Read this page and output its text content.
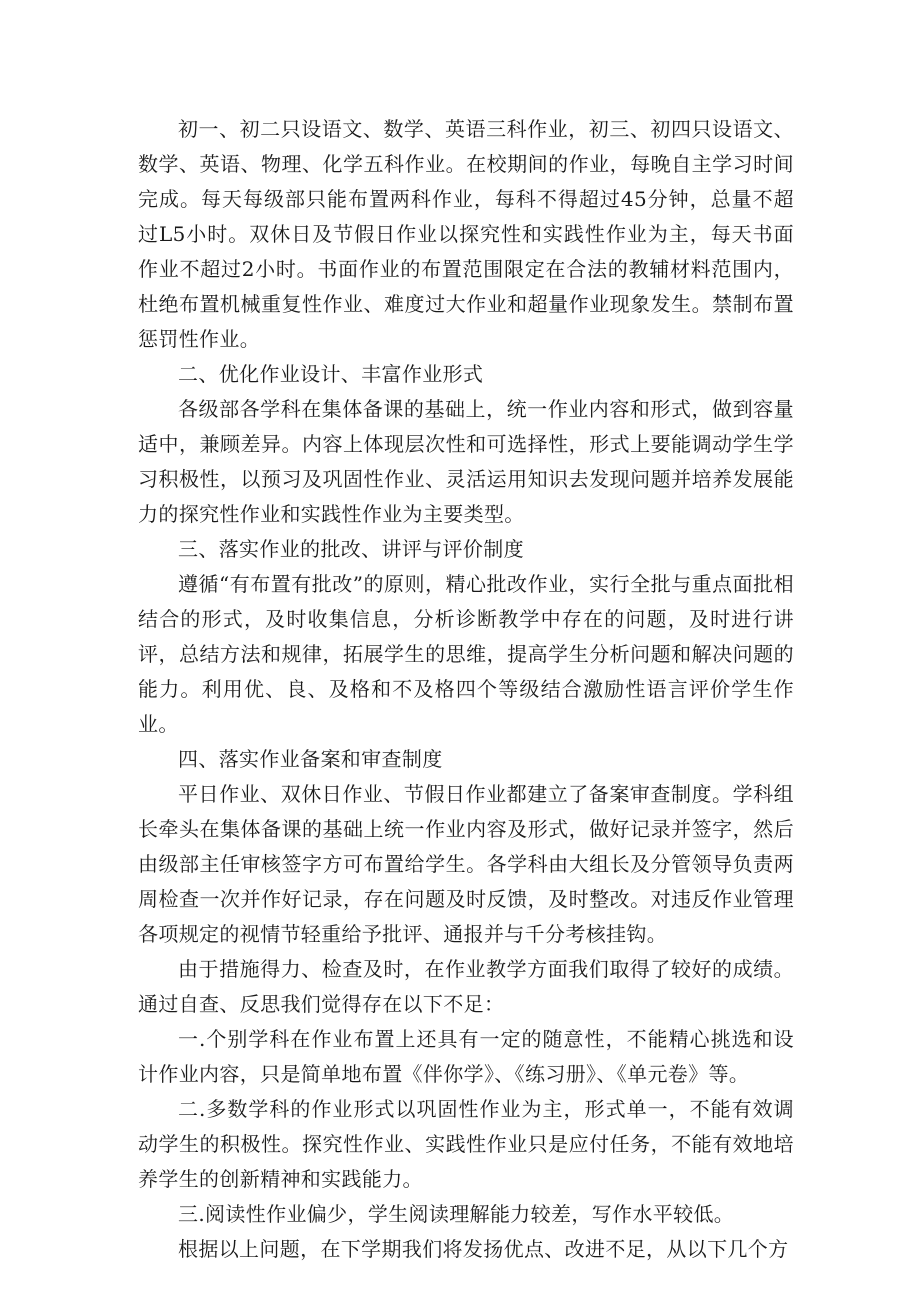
初一、初二只设语文、数学、英语三科作业，初三、初四只设语文、数学、英语、物理、化学五科作业。在校期间的作业，每晚自主学习时间完成。每天每级部只能布置两科作业，每科不得超过45分钟，总量不超过L5小时。双休日及节假日作业以探究性和实践性作业为主，每天书面作业不超过2小时。书面作业的布置范围限定在合法的教辅材料范围内，杜绝布置机械重复性作业、难度过大作业和超量作业现象发生。禁制布置惩罚性作业。

二、优化作业设计、丰富作业形式

各级部各学科在集体备课的基础上，统一作业内容和形式，做到容量适中，兼顾差异。内容上体现层次性和可选择性，形式上要能调动学生学习积极性，以预习及巩固性作业、灵活运用知识去发现问题并培养发展能力的探究性作业和实践性作业为主要类型。

三、落实作业的批改、讲评与评价制度

遵循“有布置有批改”的原则，精心批改作业，实行全批与重点面批相结合的形式，及时收集信息，分析诊断教学中存在的问题，及时进行讲评，总结方法和规律，拓展学生的思维，提高学生分析问题和解决问题的能力。利用优、良、及格和不及格四个等级结合激励性语言评价学生作业。

四、落实作业备案和审查制度

平日作业、双休日作业、节假日作业都建立了备案审查制度。学科组长牵头在集体备课的基础上统一作业内容及形式，做好记录并签字，然后由级部主任审核签字方可布置给学生。各学科由大组长及分管领导负责两周检查一次并作好记录，存在问题及时反馈，及时整改。对违反作业管理各项规定的视情节轻重给予批评、通报并与千分考核挂钩。

由于措施得力、检查及时，在作业教学方面我们取得了较好的成绩。通过自查、反思我们觉得存在以下不足：

一.个别学科在作业布置上还具有一定的随意性，不能精心挑选和设计作业内容，只是简单地布置《伴你学》、《练习册》、《单元卷》等。

二.多数学科的作业形式以巩固性作业为主，形式单一，不能有效调动学生的积极性。探究性作业、实践性作业只是应付任务，不能有效地培养学生的创新精神和实践能力。

三.阅读性作业偏少，学生阅读理解能力较差，写作水平较低。

根据以上问题，在下学期我们将发扬优点、改进不足，从以下几个方
